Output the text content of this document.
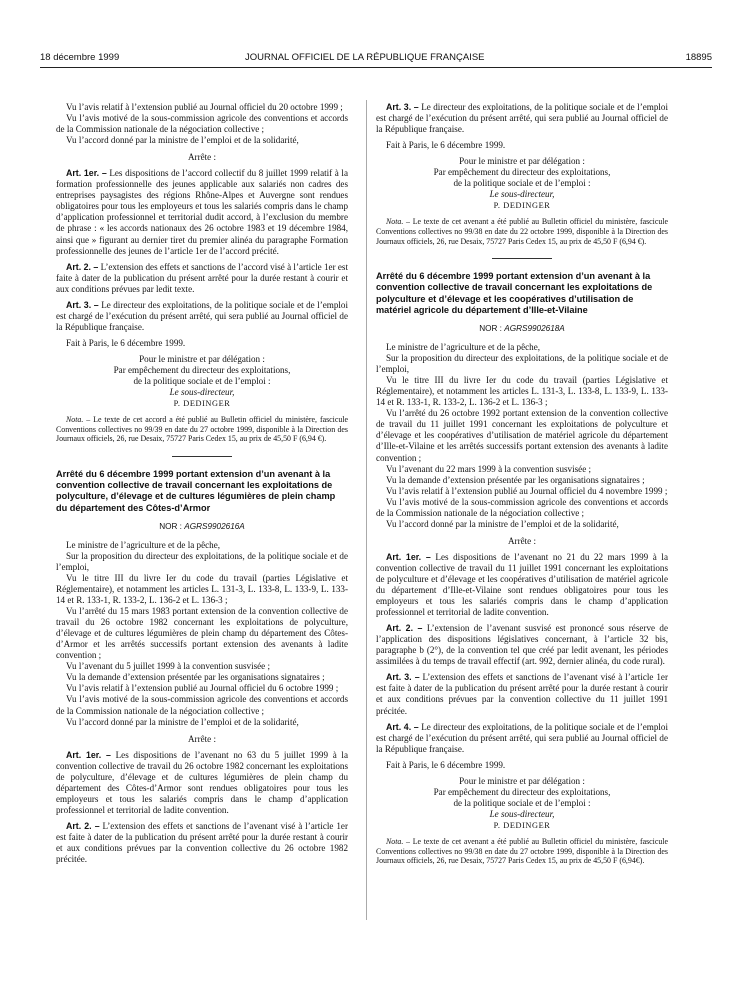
18 décembre 1999	JOURNAL OFFICIEL DE LA RÉPUBLIQUE FRANÇAISE	18895

Vu l’avis relatif à l’extension publié au Journal officiel du 20 octobre 1999 ;

Vu l’avis motivé de la sous-commission agricole des conventions et accords de la Commission nationale de la négociation collective ;

Vu l’accord donné par la ministre de l’emploi et de la solidarité,

Arrête :

Art. 1er. – Les dispositions de l’accord collectif du 8 juillet 1999 relatif à la formation professionnelle des jeunes applicable aux salariés non cadres des entreprises paysagistes des régions Rhône-Alpes et Auvergne sont rendues obligatoires pour tous les employeurs et tous les salariés compris dans le champ d’application professionnel et territorial dudit accord, à l’exclusion du membre de phrase : « les accords nationaux des 26 octobre 1983 et 19 décembre 1984, ainsi que » figurant au dernier tiret du premier alinéa du paragraphe Formation professionnelle des jeunes de l’article 1er de l’accord précité.

Art. 2. – L’extension des effets et sanctions de l’accord visé à l’article 1er est faite à dater de la publication du présent arrêté pour la durée restant à courir et aux conditions prévues par ledit texte.

Art. 3. – Le directeur des exploitations, de la politique sociale et de l’emploi est chargé de l’exécution du présent arrêté, qui sera publié au Journal officiel de la République française.

Fait à Paris, le 6 décembre 1999.

Pour le ministre et par délégation :

Par empêchement du directeur des exploitations,

de la politique sociale et de l’emploi :

Le sous-directeur,

P. DEDINGER

Nota. – Le texte de cet accord a été publié au Bulletin officiel du ministère, fascicule Conventions collectives no 99/39 en date du 27 octobre 1999, disponible à la Direction des Journaux officiels, 26, rue Desaix, 75727 Paris Cedex 15, au prix de 45,50 F (6,94 €).

Arrêté du 6 décembre 1999 portant extension d’un avenant à la convention collective de travail concernant les exploitations de polyculture, d’élevage et de cultures légumières de plein champ du département des Côtes-d’Armor

NOR : AGRS9902616A

Le ministre de l’agriculture et de la pêche,

Sur la proposition du directeur des exploitations, de la politique sociale et de l’emploi,

Vu le titre III du livre Ier du code du travail (parties Législative et Réglementaire), et notamment les articles L. 131-3, L. 133-8, L. 133-9, L. 133-14 et R. 133-1, R. 133-2, L. 136-2 et L. 136-3 ;

Vu l’arrêté du 15 mars 1983 portant extension de la convention collective de travail du 26 octobre 1982 concernant les exploitations de polyculture, d’élevage et de cultures légumières de plein champ du département des Côtes-d’Armor et les arrêtés successifs portant extension des avenants à ladite convention ;

Vu l’avenant du 5 juillet 1999 à la convention susvisée ;

Vu la demande d’extension présentée par les organisations signataires ;

Vu l’avis relatif à l’extension publié au Journal officiel du 6 octobre 1999 ;

Vu l’avis motivé de la sous-commission agricole des conventions et accords de la Commission nationale de la négociation collective ;

Vu l’accord donné par la ministre de l’emploi et de la solidarité,

Arrête :

Art. 1er. – Les dispositions de l’avenant no 63 du 5 juillet 1999 à la convention collective de travail du 26 octobre 1982 concernant les exploitations de polyculture, d’élevage et de cultures légumières de plein champ du département des Côtes-d’Armor sont rendues obligatoires pour tous les employeurs et tous les salariés compris dans le champ d’application professionnel et territorial de ladite convention.

Art. 2. – L’extension des effets et sanctions de l’avenant visé à l’article 1er est faite à dater de la publication du présent arrêté pour la durée restant à courir et aux conditions prévues par la convention collective du 26 octobre 1982 précitée.

Art. 3. – Le directeur des exploitations, de la politique sociale et de l’emploi est chargé de l’exécution du présent arrêté, qui sera publié au Journal officiel de la République française.

Fait à Paris, le 6 décembre 1999.

Pour le ministre et par délégation :

Par empêchement du directeur des exploitations,

de la politique sociale et de l’emploi :

Le sous-directeur,

P. DEDINGER

Nota. – Le texte de cet avenant a été publié au Bulletin officiel du ministère, fascicule Conventions collectives no 99/38 en date du 22 octobre 1999, disponible à la Direction des Journaux officiels, 26, rue Desaix, 75727 Paris Cedex 15, au prix de 45,50 F (6,94 €).

Arrêté du 6 décembre 1999 portant extension d’un avenant à la convention collective de travail concernant les exploitations de polyculture et d’élevage et les coopératives d’utilisation de matériel agricole du département d’Ille-et-Vilaine

NOR : AGRS9902618A

Le ministre de l’agriculture et de la pêche,

Sur la proposition du directeur des exploitations, de la politique sociale et de l’emploi,

Vu le titre III du livre Ier du code du travail (parties Législative et Réglementaire), et notamment les articles L. 131-3, L. 133-8, L. 133-9, L. 133-14 et R. 133-1, R. 133-2, L. 136-2 et L. 136-3 ;

Vu l’arrêté du 26 octobre 1992 portant extension de la convention collective de travail du 11 juillet 1991 concernant les exploitations de polyculture et d’élevage et les coopératives d’utilisation de matériel agricole du département d’Ille-et-Vilaine et les arrêtés successifs portant extension des avenants à ladite convention ;

Vu l’avenant du 22 mars 1999 à la convention susvisée ;

Vu la demande d’extension présentée par les organisations signataires ;

Vu l’avis relatif à l’extension publié au Journal officiel du 4 novembre 1999 ;

Vu l’avis motivé de la sous-commission agricole des conventions et accords de la Commission nationale de la négociation collective ;

Vu l’accord donné par la ministre de l’emploi et de la solidarité,

Arrête :

Art. 1er. – Les dispositions de l’avenant no 21 du 22 mars 1999 à la convention collective de travail du 11 juillet 1991 concernant les exploitations de polyculture et d’élevage et les coopératives d’utilisation de matériel agricole du département d’Ille-et-Vilaine sont rendues obligatoires pour tous les employeurs et tous les salariés compris dans le champ d’application professionnel et territorial de ladite convention.

Art. 2. – L’extension de l’avenant susvisé est prononcé sous réserve de l’application des dispositions législatives concernant, à l’article 32 bis, paragraphe b (2°), de la convention tel que créé par ledit avenant, les périodes assimilées à du temps de travail effectif (art. 992, dernier alinéa, du code rural).

Art. 3. – L’extension des effets et sanctions de l’avenant visé à l’article 1er est faite à dater de la publication du présent arrêté pour la durée restant à courir et aux conditions prévues par la convention collective du 11 juillet 1991 précitée.

Art. 4. – Le directeur des exploitations, de la politique sociale et de l’emploi est chargé de l’exécution du présent arrêté, qui sera publié au Journal officiel de la République française.

Fait à Paris, le 6 décembre 1999.

Pour le ministre et par délégation :

Par empêchement du directeur des exploitations,

de la politique sociale et de l’emploi :

Le sous-directeur,

P. DEDINGER

Nota. – Le texte de cet avenant a été publié au Bulletin officiel du ministère, fascicule Conventions collectives no 99/38 en date du 27 octobre 1999, disponible à la Direction des Journaux officiels, 26, rue Desaix, 75727 Paris Cedex 15, au prix de 45,50 F (6,94€).
